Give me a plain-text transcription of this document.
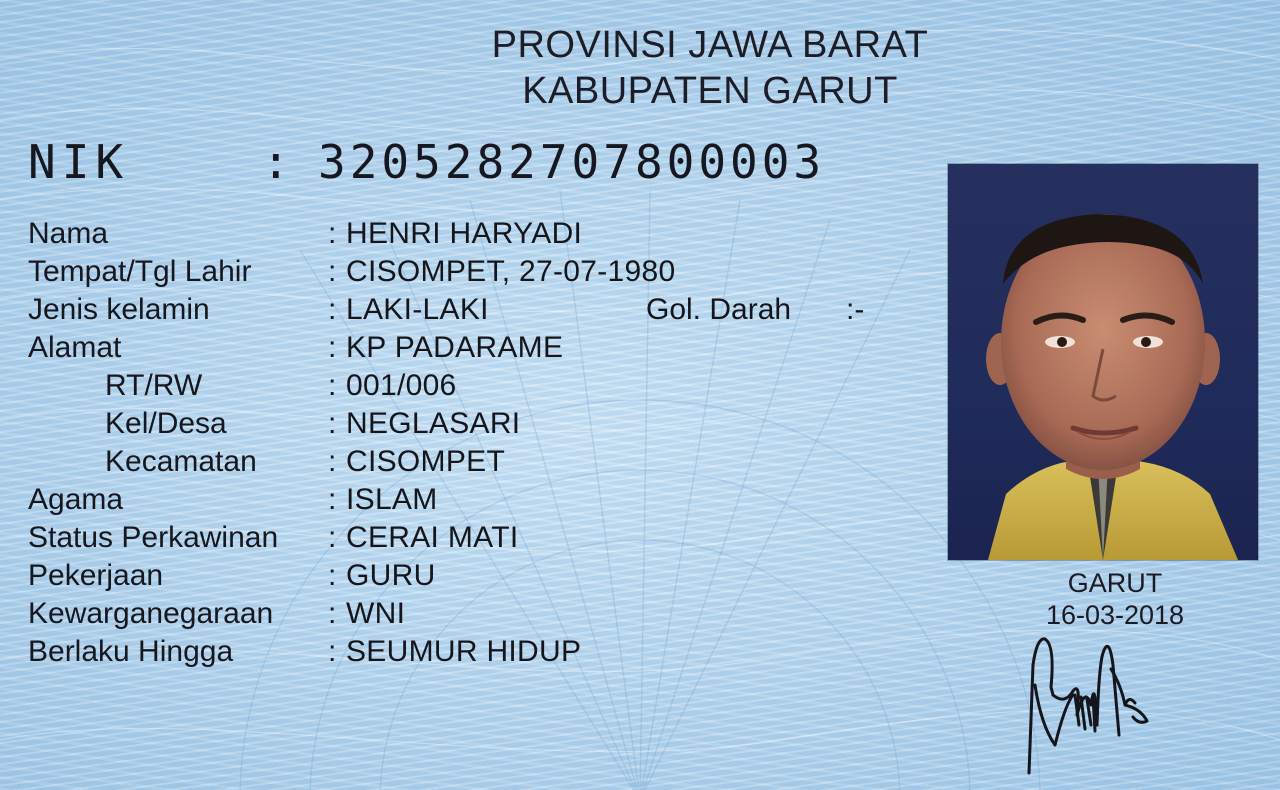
PROVINSI JAWA BARAT
KABUPATEN GARUT
NIK	: 3205282707800003
Nama	: HENRI HARYADI
Tempat/Tgl Lahir	: CISOMPET, 27-07-1980
Jenis kelamin	: LAKI-LAKI	Gol. Darah :-
Alamat	: KP PADARAME
RT/RW	: 001/006
Kel/Desa	: NEGLASARI
Kecamatan : CISOMPET
Agama	: ISLAM
Status Perkawinan : CERAI MATI
Pekerjaan	: GURU
Kewarganegaraan : WNI
Berlaku Hingga	: SEUMUR HIDUP
GARUT
16-03-2018
